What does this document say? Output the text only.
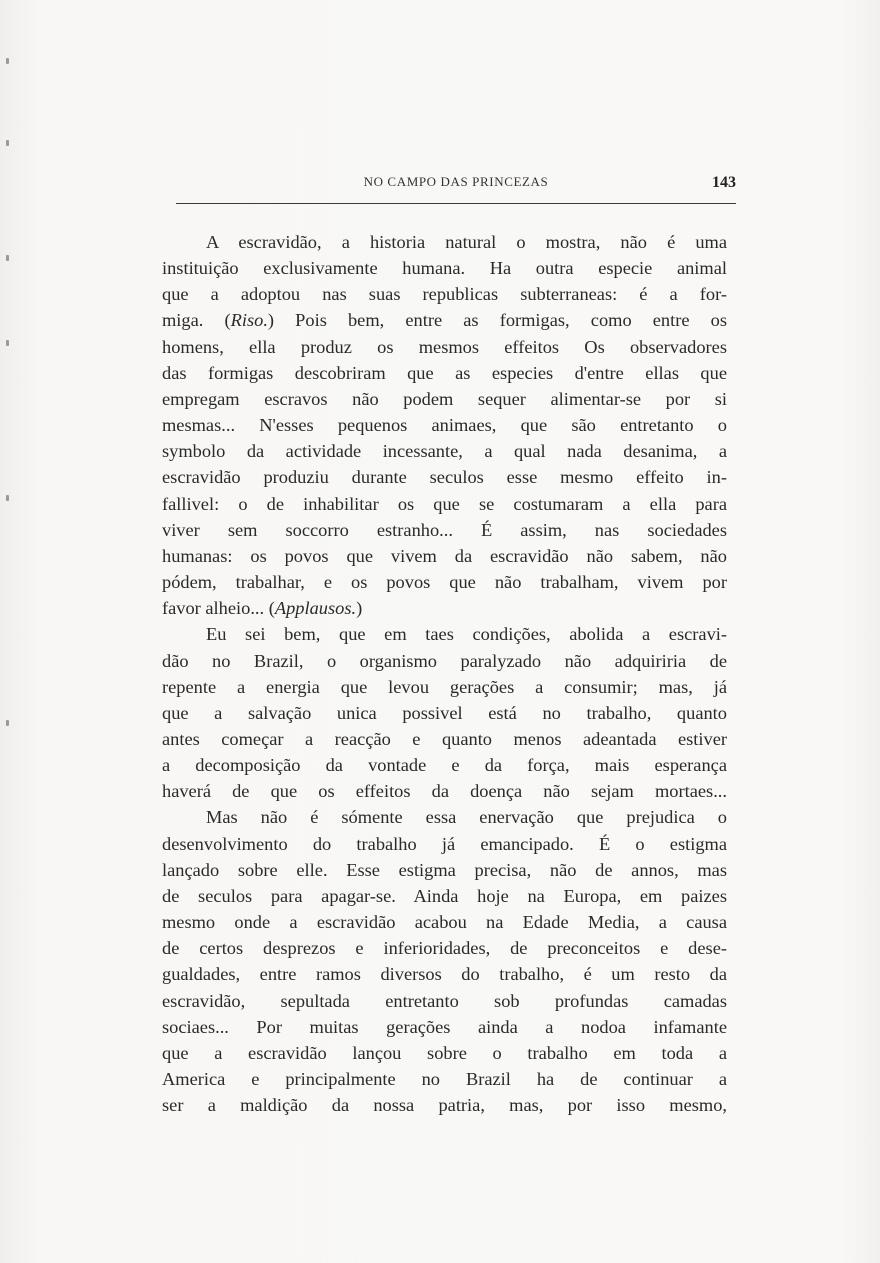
NO CAMPO DAS PRINCEZAS	143

A escravidão, a historia natural o mostra, não é uma
instituição exclusivamente humana. Ha outra especie animal
que a adoptou nas suas republicas subterraneas: é a for-
miga. (Riso.) Pois bem, entre as formigas, como entre os
homens, ella produz os mesmos effeitos Os observadores
das formigas descobriram que as especies d'entre ellas que
empregam escravos não podem sequer alimentar-se por si
mesmas... N'esses pequenos animaes, que são entretanto o
symbolo da actividade incessante, a qual nada desanima, a
escravidão produziu durante seculos esse mesmo effeito in-
fallivel: o de inhabilitar os que se costumaram a ella para
viver sem soccorro estranho... É assim, nas sociedades
humanas: os povos que vivem da escravidão não sabem, não
pódem, trabalhar, e os povos que não trabalham, vivem por
favor alheio... (Applausos.)

Eu sei bem, que em taes condições, abolida a escravi-
dão no Brazil, o organismo paralyzado não adquiriria de
repente a energia que levou gerações a consumir; mas, já
que a salvação unica possivel está no trabalho, quanto
antes começar a reacção e quanto menos adeantada estiver
a decomposição da vontade e da força, mais esperança
haverá de que os effeitos da doença não sejam mortaes...

Mas não é sómente essa enervação que prejudica o
desenvolvimento do trabalho já emancipado. É o estigma
lançado sobre elle. Esse estigma precisa, não de annos, mas
de seculos para apagar-se. Ainda hoje na Europa, em paizes
mesmo onde a escravidão acabou na Edade Media, a causa
de certos desprezos e inferioridades, de preconceitos e dese-
gualdades, entre ramos diversos do trabalho, é um resto da
escravidão, sepultada entretanto sob profundas camadas
sociaes... Por muitas gerações ainda a nodoa infamante
que a escravidão lançou sobre o trabalho em toda a
America e principalmente no Brazil ha de continuar a
ser a maldição da nossa patria, mas, por isso mesmo,
